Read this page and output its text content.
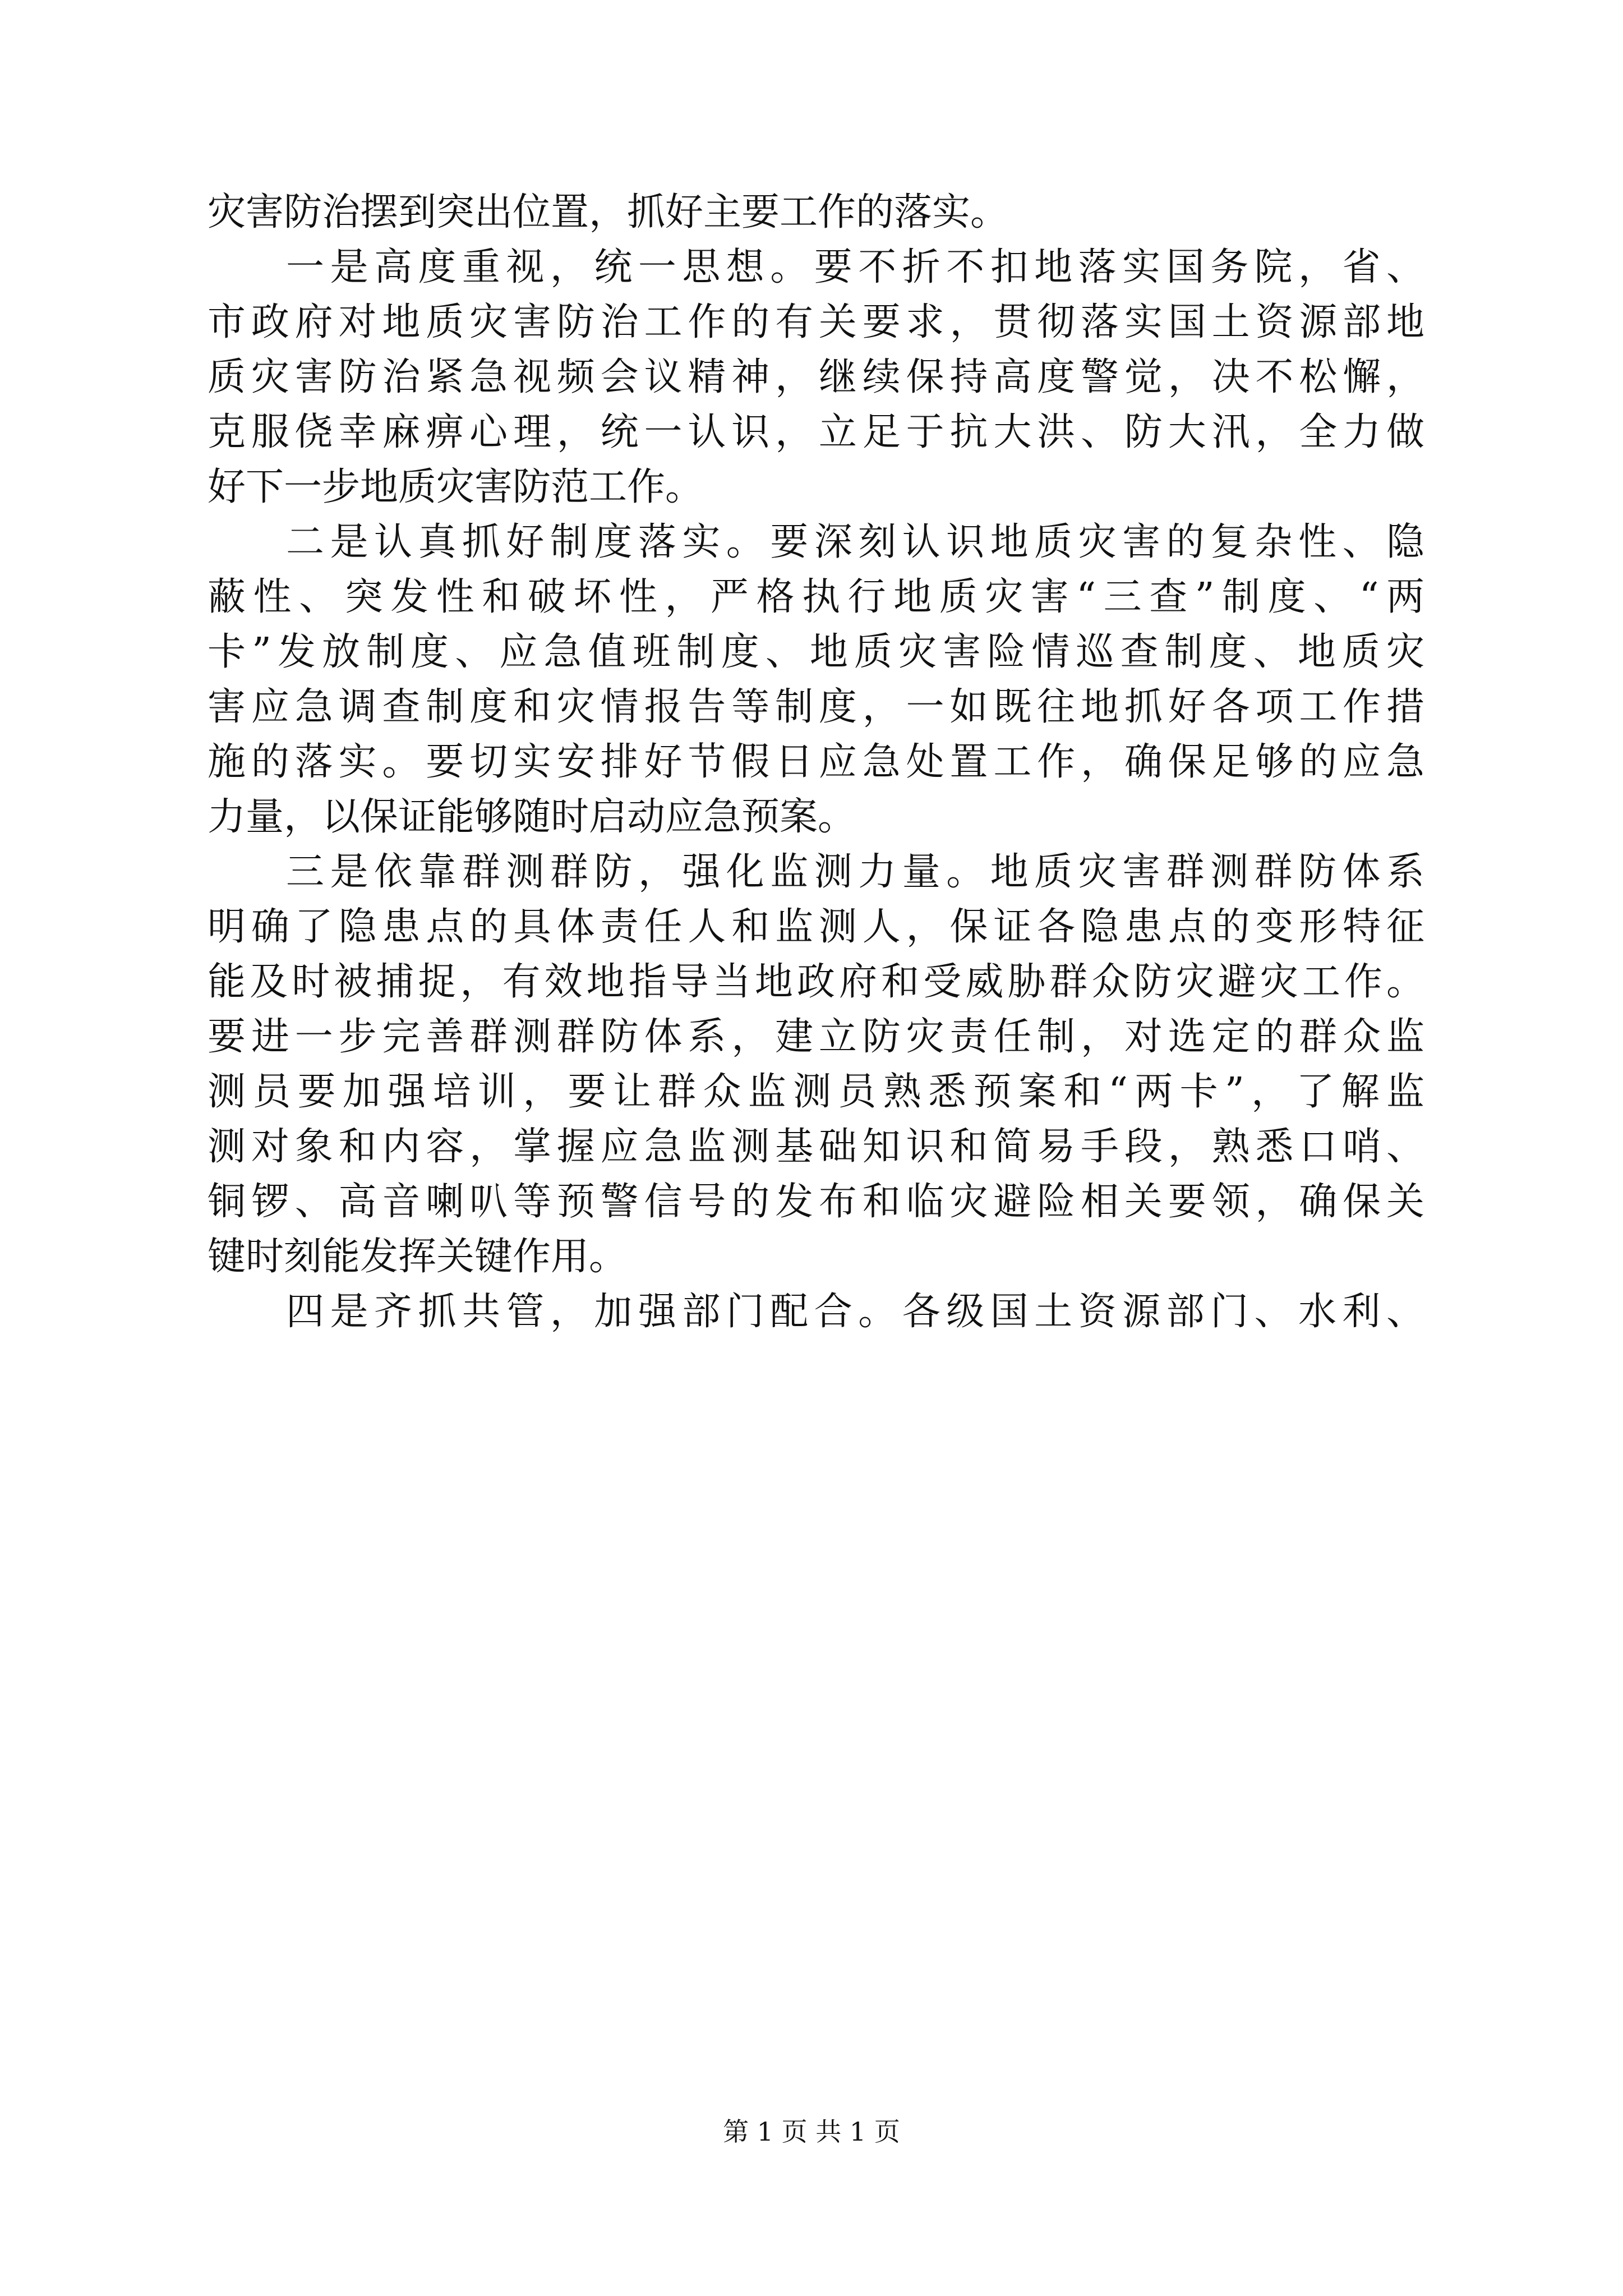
灾害防治摆到突出位置，抓好主要工作的落实。
一是高度重视，统一思想。要不折不扣地落实国务院，省、
市政府对地质灾害防治工作的有关要求，贯彻落实国土资源部地
质灾害防治紧急视频会议精神，继续保持高度警觉，决不松懈，
克服侥幸麻痹心理，统一认识，立足于抗大洪、防大汛，全力做
好下一步地质灾害防范工作。
二是认真抓好制度落实。要深刻认识地质灾害的复杂性、隐
蔽性、突发性和破坏性，严格执行地质灾害“三查”制度、“两
卡”发放制度、应急值班制度、地质灾害险情巡查制度、地质灾
害应急调查制度和灾情报告等制度，一如既往地抓好各项工作措
施的落实。要切实安排好节假日应急处置工作，确保足够的应急
力量，以保证能够随时启动应急预案。
三是依靠群测群防，强化监测力量。地质灾害群测群防体系
明确了隐患点的具体责任人和监测人，保证各隐患点的变形特征
能及时被捕捉，有效地指导当地政府和受威胁群众防灾避灾工作。
要进一步完善群测群防体系，建立防灾责任制，对选定的群众监
测员要加强培训，要让群众监测员熟悉预案和“两卡”，了解监
测对象和内容，掌握应急监测基础知识和简易手段，熟悉口哨、
铜锣、高音喇叭等预警信号的发布和临灾避险相关要领，确保关
键时刻能发挥关键作用。
四是齐抓共管，加强部门配合。各级国土资源部门、水利、
第 1 页 共 1 页
